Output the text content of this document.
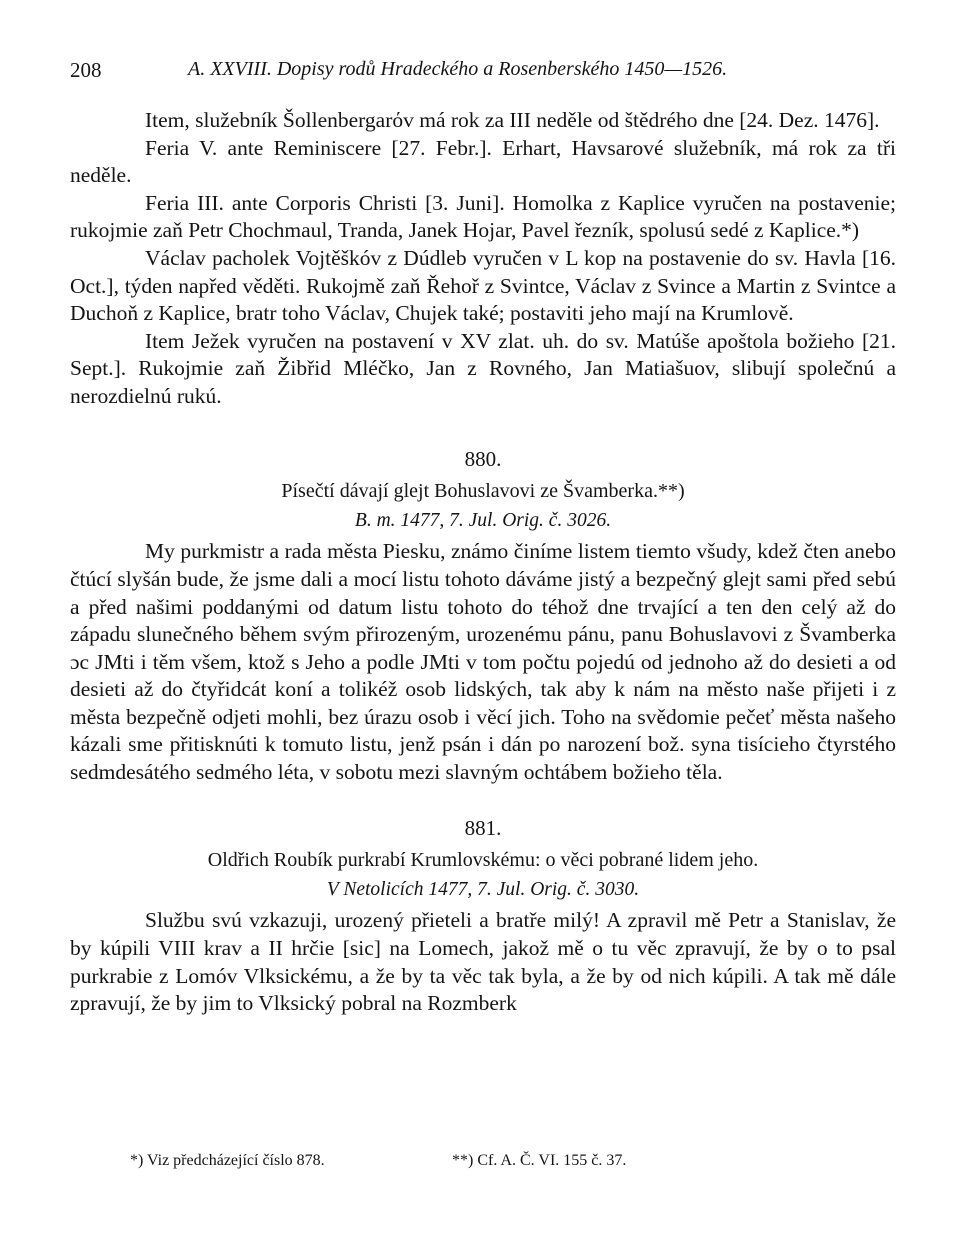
208	A. XXVIII. Dopisy rodů Hradeckého a Rosenberského 1450—1526.

Item, služebník Šollenbergarόv má rok za III neděle od štědrého dne [24. Dez. 1476].

Feria V. ante Reminiscere [27. Febr.]. Erhart, Havsarové služebník, má rok za tři neděle.

Feria III. ante Corporis Christi [3. Juni]. Homolka z Kaplice vyručen na postavenie; rukojmie zaň Petr Chochmaul, Tranda, Janek Hojar, Pavel řezník, spolusú sedé z Kaplice.*)

Václav pacholek Vojtěškóv z Dúdleb vyručen v L kop na postavenie do sv. Havla [16. Oct.], týden napřed věděti. Rukojmě zaň Řehoř z Svintce, Václav z Svince a Martin z Svintce a Duchoň z Kaplice, bratr toho Václav, Chujek také; postaviti jeho mají na Krumlově.

Item Ježek vyručen na postavení v XV zlat. uh. do sv. Matúše apoštola božieho [21. Sept.]. Rukojmie zaň Žibřid Mléčko, Jan z Rovného, Jan Matiašuov, slibují společnú a nerozdielnú rukú.

880.
Písečtí dávají glejt Bohuslavovi ze Švamberka.**)
B. m. 1477, 7. Jul. Orig. č. 3026.

My purkmistr a rada města Piesku, známo činíme listem tiemto všudy, kdež čten anebo čtúcí slyšán bude, že jsme dali a mocí listu tohoto dáváme jistý a bezpečný glejt sami před sebú a před našimi poddanými od datum listu tohoto do téhož dne trvající a ten den celý až do západu slunečného během svým přirozeným, urozenému pánu, panu Bohuslavovi z Švamberka ɔc JMti i těm všem, ktož s Jeho a podle JMti v tom počtu pojedú od jednoho až do desieti a od desieti až do čtyřidcát koní a tolikéž osob lidských, tak aby k nám na město naše přijeti i z města bezpečně odjeti mohli, bez úrazu osob i věcí jich. Toho na svědomie pečeť města našeho kázali sme přitisknúti k tomuto listu, jenž psán i dán po narození bož. syna tisícieho čtyrstého sedmdesátého sedmého léta, v sobotu mezi slavným ochtábem božieho těla.

881.
Oldřich Roubík purkrabí Krumlovskému: o věci pobrané lidem jeho.
V Netolicích 1477, 7. Jul. Orig. č. 3030.

Službu svú vzkazuji, urozený přieteli a bratře milý! A zpravil mě Petr a Stanislav, že by kúpili VIII krav a II hrčie [sic] na Lomech, jakož mě o tu věc zpravují, že by o to psal purkrabie z Lomóv Vlksickému, a že by ta věc tak byla, a že by od nich kúpili. A tak mě dále zpravují, že by jim to Vlksický pobral na Rozmberk

*) Viz předcházející číslo 878.	**) Cf. A. Č. VI. 155 č. 37.
